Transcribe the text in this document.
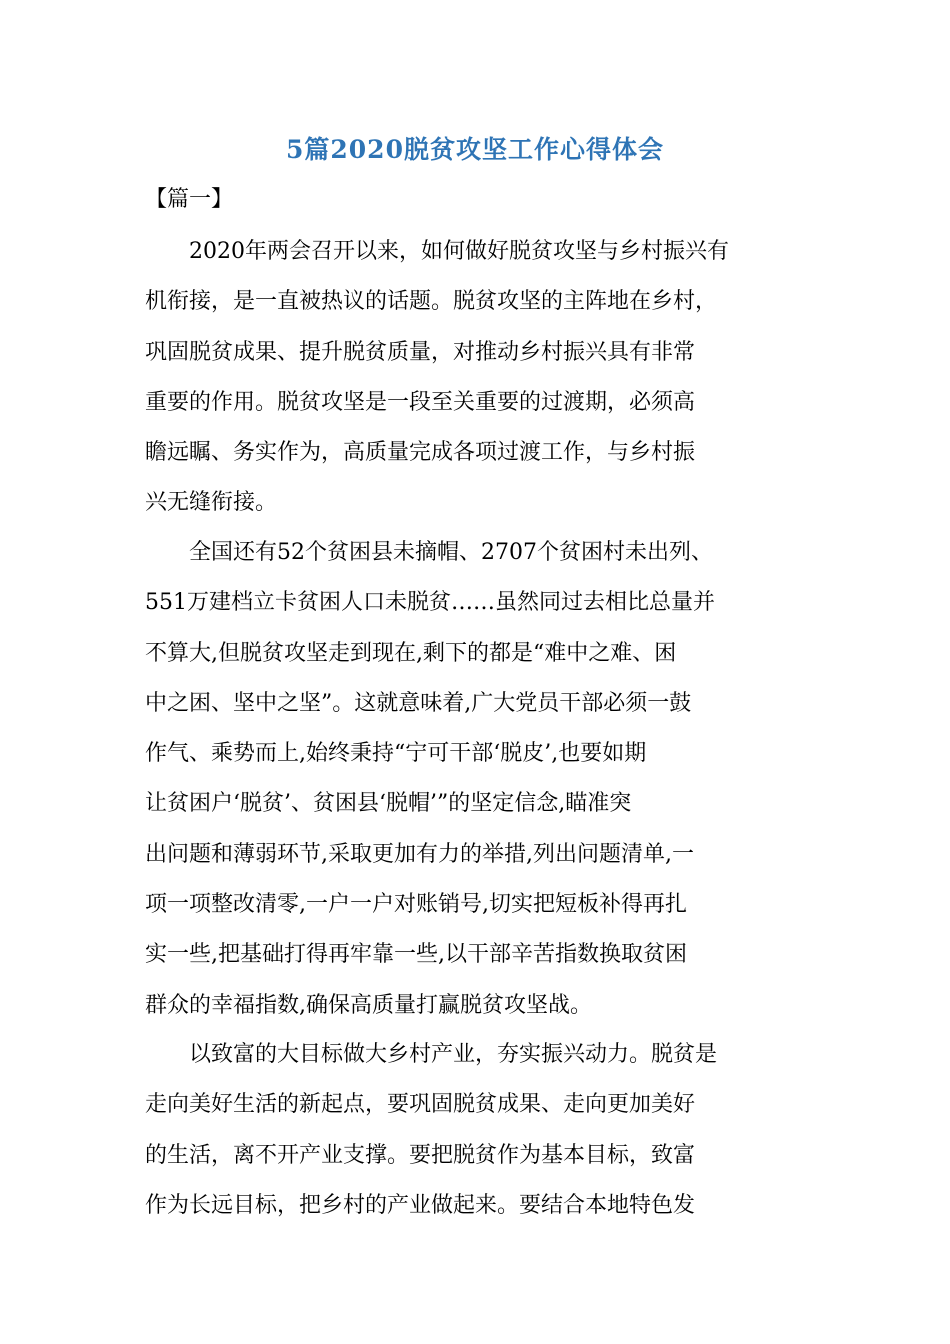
5篇2020脱贫攻坚工作心得体会
【篇一】

2020年两会召开以来，如何做好脱贫攻坚与乡村振兴有
机衔接，是一直被热议的话题。脱贫攻坚的主阵地在乡村，
巩固脱贫成果、提升脱贫质量，对推动乡村振兴具有非常
重要的作用。脱贫攻坚是一段至关重要的过渡期，必须高
瞻远瞩、务实作为，高质量完成各项过渡工作，与乡村振
兴无缝衔接。

全国还有52个贫困县未摘帽、2707个贫困村未出列、
551万建档立卡贫困人口未脱贫……虽然同过去相比总量并
不算大,但脱贫攻坚走到现在,剩下的都是“难中之难、困
中之困、坚中之坚”。这就意味着,广大党员干部必须一鼓
作气、乘势而上,始终秉持“宁可干部‘脱皮’,也要如期
让贫困户‘脱贫’、贫困县‘脱帽’”的坚定信念,瞄准突
出问题和薄弱环节,采取更加有力的举措,列出问题清单,一
项一项整改清零,一户一户对账销号,切实把短板补得再扎
实一些,把基础打得再牢靠一些,以干部辛苦指数换取贫困
群众的幸福指数,确保高质量打赢脱贫攻坚战。

以致富的大目标做大乡村产业，夯实振兴动力。脱贫是
走向美好生活的新起点，要巩固脱贫成果、走向更加美好
的生活，离不开产业支撑。要把脱贫作为基本目标，致富
作为长远目标，把乡村的产业做起来。要结合本地特色发
